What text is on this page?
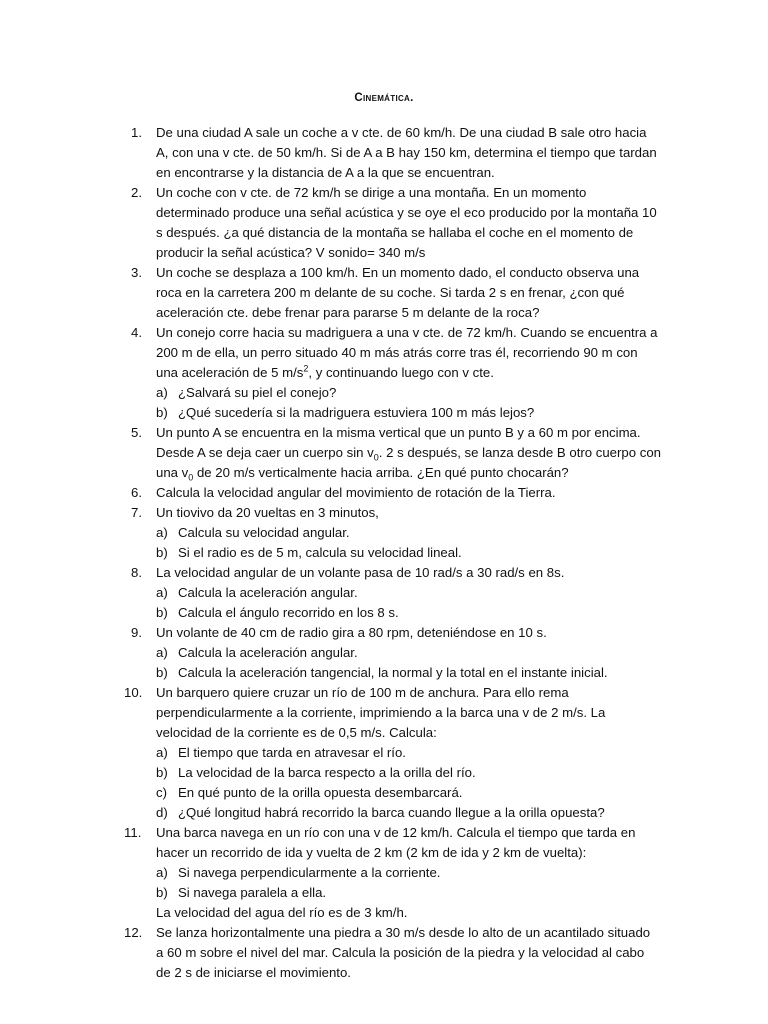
Cinemática.
1.	De una ciudad A sale un coche a v cte. de 60 km/h. De una ciudad B sale otro hacia A, con una v cte. de 50 km/h. Si de A a B hay 150 km, determina el tiempo que tardan en encontrarse y la distancia de A a la que se encuentran.
2.	Un coche con v cte. de 72 km/h se dirige a una montaña. En un momento determinado produce una señal acústica y se oye el eco producido por la montaña 10 s después. ¿a qué distancia de la montaña se hallaba el coche en el momento de producir la señal acústica? V sonido= 340 m/s
3.	Un coche se desplaza a 100 km/h. En un momento dado, el conducto observa una roca en la carretera 200 m delante de su coche. Si tarda 2 s en frenar, ¿con qué aceleración cte. debe frenar para pararse 5 m delante de la roca?
4.	Un conejo corre hacia su madriguera a una v cte. de 72 km/h. Cuando se encuentra a 200 m de ella, un perro situado 40 m más atrás corre tras él, recorriendo 90 m con una aceleración de 5 $m/s^2$, y continuando luego con v cte.
a) ¿Salvará su piel el conejo?
b) ¿Qué sucedería si la madriguera estuviera 100 m más lejos?
5.	Un punto A se encuentra en la misma vertical que un punto B y a 60 m por encima. Desde A se deja caer un cuerpo $\sin v_0$. 2 s después, se lanza desde B otro cuerpo con una $v_0$ de 20 m/s verticalmente hacia arriba. ¿En qué punto chocarán?
6.	Calcula la velocidad angular del movimiento de rotación de la Tierra.
7.	Un tiovivo da 20 vueltas en 3 minutos,
a) Calcula su velocidad angular.
b) Si el radio es de 5 m, calcula su velocidad lineal.
8.	La velocidad angular de un volante pasa de 10 rad/s a 30 rad/s en 8s.
a) Calcula la aceleración angular.
b) Calcula el ángulo recorrido en los 8 s.
9.	Un volante de 40 cm de radio gira a 80 rpm, deteniéndose en 10 s.
a) Calcula la aceleración angular.
b) Calcula la aceleración tangencial, la normal y la total en el instante inicial.
10.	Un barquero quiere cruzar un río de 100 m de anchura. Para ello rema perpendicularmente a la corriente, imprimiendo a la barca una v de 2 m/s. La velocidad de la corriente es de 0,5 m/s. Calcula:
a) El tiempo que tarda en atravesar el río.
b) La velocidad de la barca respecto a la orilla del río.
c) En qué punto de la orilla opuesta desembarcará.
d) ¿Qué longitud habrá recorrido la barca cuando llegue a la orilla opuesta?
11.	Una barca navega en un río con una v de 12 km/h. Calcula el tiempo que tarda en hacer un recorrido de ida y vuelta de 2 km (2 km de ida y 2 km de vuelta):
a) Si navega perpendicularmente a la corriente.
b) Si navega paralela a ella.
La velocidad del agua del río es de 3 km/h.
12.	Se lanza horizontalmente una piedra a 30 m/s desde lo alto de un acantilado situado a 60 m sobre el nivel del mar. Calcula la posición de la piedra y la velocidad al cabo de 2 s de iniciarse el movimiento.
